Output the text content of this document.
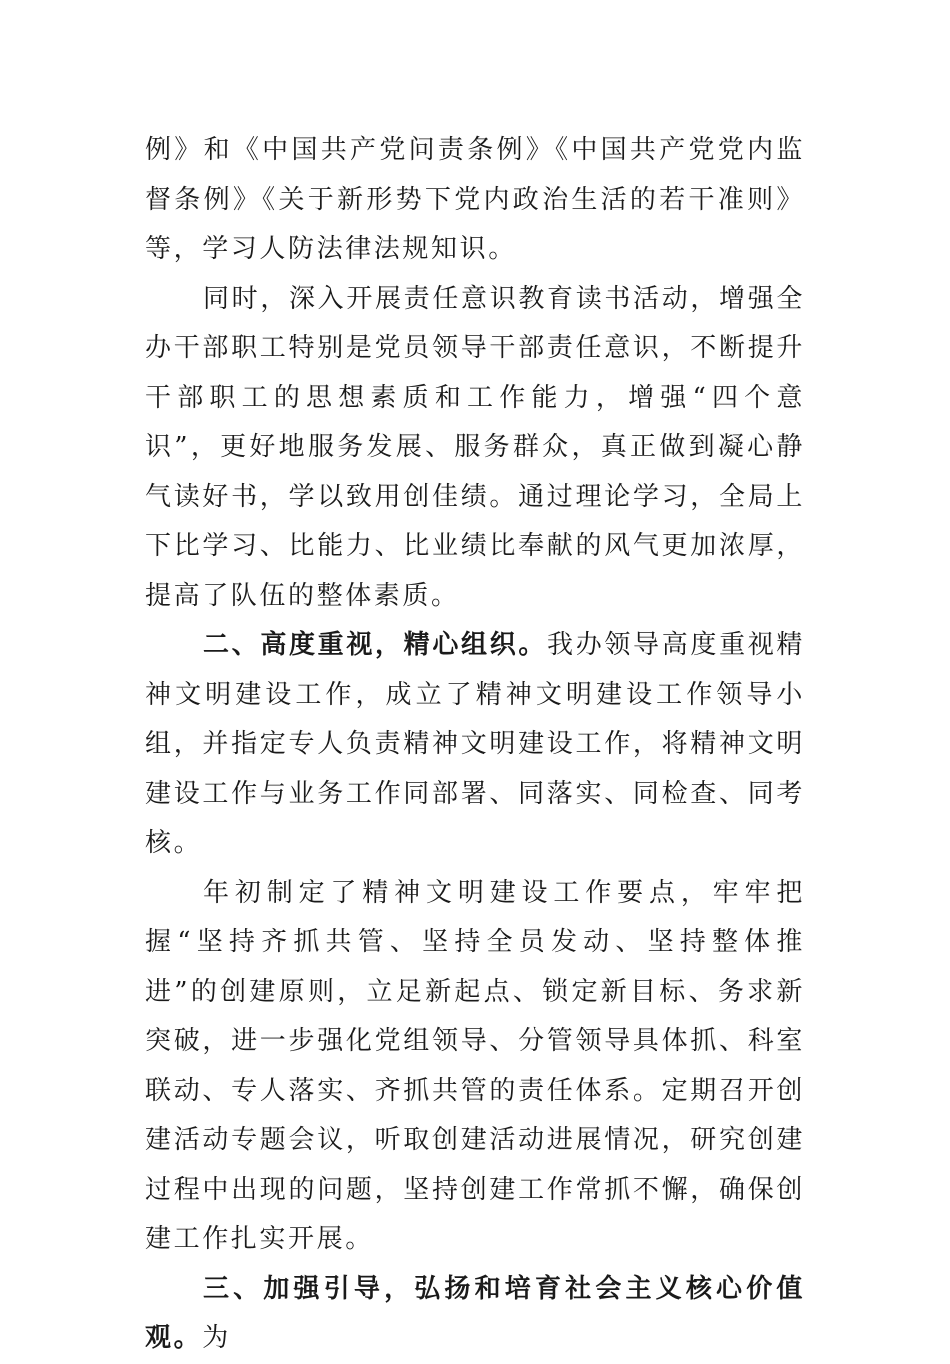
例》和《中国共产党问责条例》《中国共产党党内监督条例》《关于新形势下党内政治生活的若干准则》等，学习人防法律法规知识。

同时，深入开展责任意识教育读书活动，增强全办干部职工特别是党员领导干部责任意识，不断提升干部职工的思想素质和工作能力，增强“四个意识”，更好地服务发展、服务群众，真正做到凝心静气读好书，学以致用创佳绩。通过理论学习，全局上下比学习、比能力、比业绩比奉献的风气更加浓厚，提高了队伍的整体素质。

二、高度重视，精心组织。我办领导高度重视精神文明建设工作，成立了精神文明建设工作领导小组，并指定专人负责精神文明建设工作，将精神文明建设工作与业务工作同部署、同落实、同检查、同考核。

年初制定了精神文明建设工作要点，牢牢把握“坚持齐抓共管、坚持全员发动、坚持整体推进”的创建原则，立足新起点、锁定新目标、务求新突破，进一步强化党组领导、分管领导具体抓、科室联动、专人落实、齐抓共管的责任体系。定期召开创建活动专题会议，听取创建活动进展情况，研究创建过程中出现的问题，坚持创建工作常抓不懈，确保创建工作扎实开展。

三、加强引导，弘扬和培育社会主义核心价值观。为
